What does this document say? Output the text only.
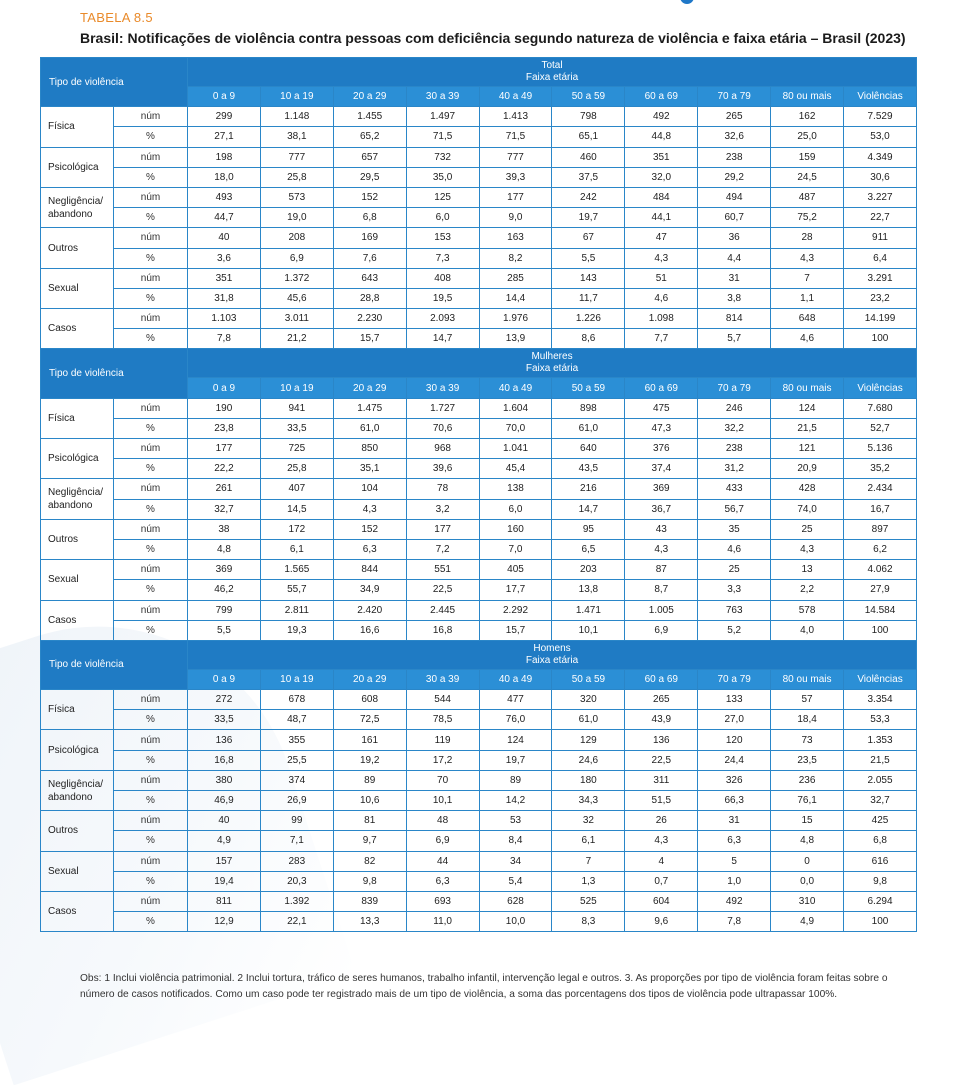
TABELA 8.5
Brasil: Notificações de violência contra pessoas com deficiência segundo natureza de violência e faixa etária – Brasil (2023)
Tipo de violência		Total
Faixa etária									

		0 a 9	10 a 19	20 a 29	30 a 39	40 a 49	50 a 59	60 a 69	70 a 79	80 ou mais	Violências
Física	núm	299	1.148	1.455	1.497	1.413	798	492	265	162	7.529
	%	27,1	38,1	65,2	71,5	71,5	65,1	44,8	32,6	25,0	53,0
Psicológica	núm	198	777	657	732	777	460	351	238	159	4.349
	%	18,0	25,8	29,5	35,0	39,3	37,5	32,0	29,2	24,5	30,6
Negligência/ abandono	núm	493	573	152	125	177	242	484	494	487	3.227
	%	44,7	19,0	6,8	6,0	9,0	19,7	44,1	60,7	75,2	22,7
Outros	núm	40	208	169	153	163	67	47	36	28	911
	%	3,6	6,9	7,6	7,3	8,2	5,5	4,3	4,4	4,3	6,4
Sexual	núm	351	1.372	643	408	285	143	51	31	7	3.291
	%	31,8	45,6	28,8	19,5	14,4	11,7	4,6	3,8	1,1	23,2
Casos	núm	1.103	3.011	2.230	2.093	1.976	1.226	1.098	814	648	14.199
	%	7,8	21,2	15,7	14,7	13,9	8,6	7,7	5,7	4,6	100
Tipo de violência		Mulheres
Faixa etária									

		0 a 9	10 a 19	20 a 29	30 a 39	40 a 49	50 a 59	60 a 69	70 a 79	80 ou mais	Violências
Física	núm	190	941	1.475	1.727	1.604	898	475	246	124	7.680
	%	23,8	33,5	61,0	70,6	70,0	61,0	47,3	32,2	21,5	52,7
Psicológica	núm	177	725	850	968	1.041	640	376	238	121	5.136
	%	22,2	25,8	35,1	39,6	45,4	43,5	37,4	31,2	20,9	35,2
Negligência/ abandono	núm	261	407	104	78	138	216	369	433	428	2.434
	%	32,7	14,5	4,3	3,2	6,0	14,7	36,7	56,7	74,0	16,7
Outros	núm	38	172	152	177	160	95	43	35	25	897
	%	4,8	6,1	6,3	7,2	7,0	6,5	4,3	4,6	4,3	6,2
Sexual	núm	369	1.565	844	551	405	203	87	25	13	4.062
	%	46,2	55,7	34,9	22,5	17,7	13,8	8,7	3,3	2,2	27,9
Casos	núm	799	2.811	2.420	2.445	2.292	1.471	1.005	763	578	14.584
	%	5,5	19,3	16,6	16,8	15,7	10,1	6,9	5,2	4,0	100
Tipo de violência		Homens
Faixa etária									

		0 a 9	10 a 19	20 a 29	30 a 39	40 a 49	50 a 59	60 a 69	70 a 79	80 ou mais	Violências
Física	núm	272	678	608	544	477	320	265	133	57	3.354
	%	33,5	48,7	72,5	78,5	76,0	61,0	43,9	27,0	18,4	53,3
Psicológica	núm	136	355	161	119	124	129	136	120	73	1.353
	%	16,8	25,5	19,2	17,2	19,7	24,6	22,5	24,4	23,5	21,5
Negligência/ abandono	núm	380	374	89	70	89	180	311	326	236	2.055
	%	46,9	26,9	10,6	10,1	14,2	34,3	51,5	66,3	76,1	32,7
Outros	núm	40	99	81	48	53	32	26	31	15	425
	%	4,9	7,1	9,7	6,9	8,4	6,1	4,3	6,3	4,8	6,8
Sexual	núm	157	283	82	44	34	7	4	5	0	616
	%	19,4	20,3	9,8	6,3	5,4	1,3	0,7	1,0	0,0	9,8
Casos	núm	811	1.392	839	693	628	525	604	492	310	6.294
	%	12,9	22,1	13,3	11,0	10,0	8,3	9,6	7,8	4,9	100
Obs: 1 Inclui violência patrimonial. 2 Inclui tortura, tráfico de seres humanos, trabalho infantil, intervenção legal e outros. 3. As proporções por tipo de violência foram feitas sobre o número de casos notificados. Como um caso pode ter registrado mais de um tipo de violência, a soma das porcentagens dos tipos de violência pode ultrapassar 100%.
